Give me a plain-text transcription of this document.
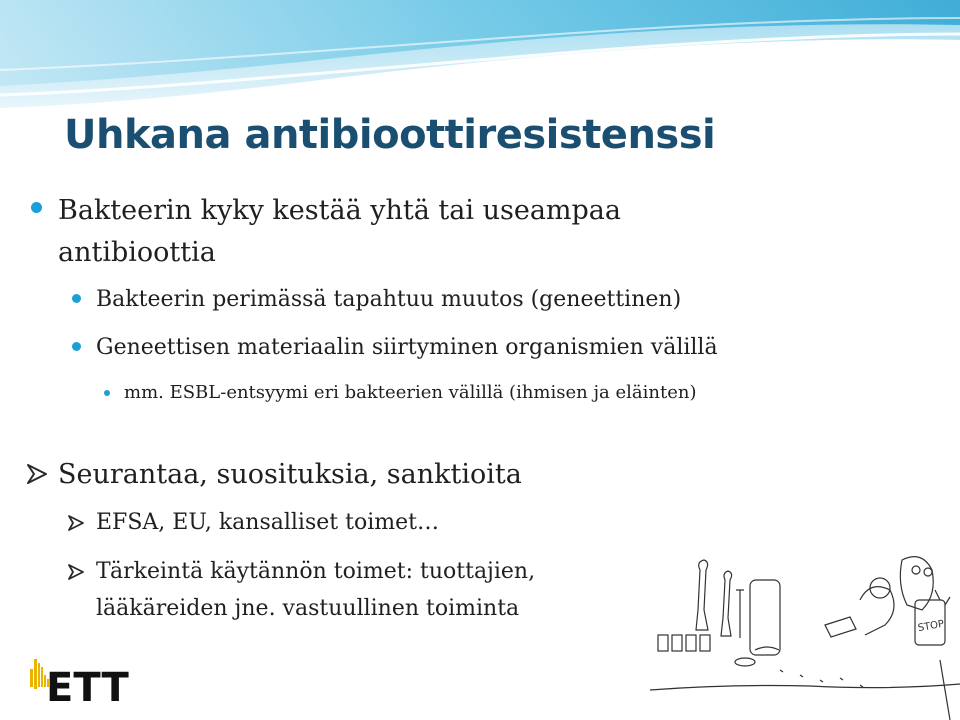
Uhkana antibioottiresistenssi
Bakteerin kyky kestää yhtä tai useampaa
antibioottia
Bakteerin perimässä tapahtuu muutos (geneettinen)
Geneettisen materiaalin siirtyminen organismien välillä
mm. ESBL-entsyymi eri bakteerien välillä (ihmisen ja eläinten)
Seurantaa, suosituksia, sanktioita
EFSA, EU, kansalliset toimet…
Tärkeintä käytännön toimet: tuottajien,
lääkäreiden jne. vastuullinen toiminta
ETT
STOP
